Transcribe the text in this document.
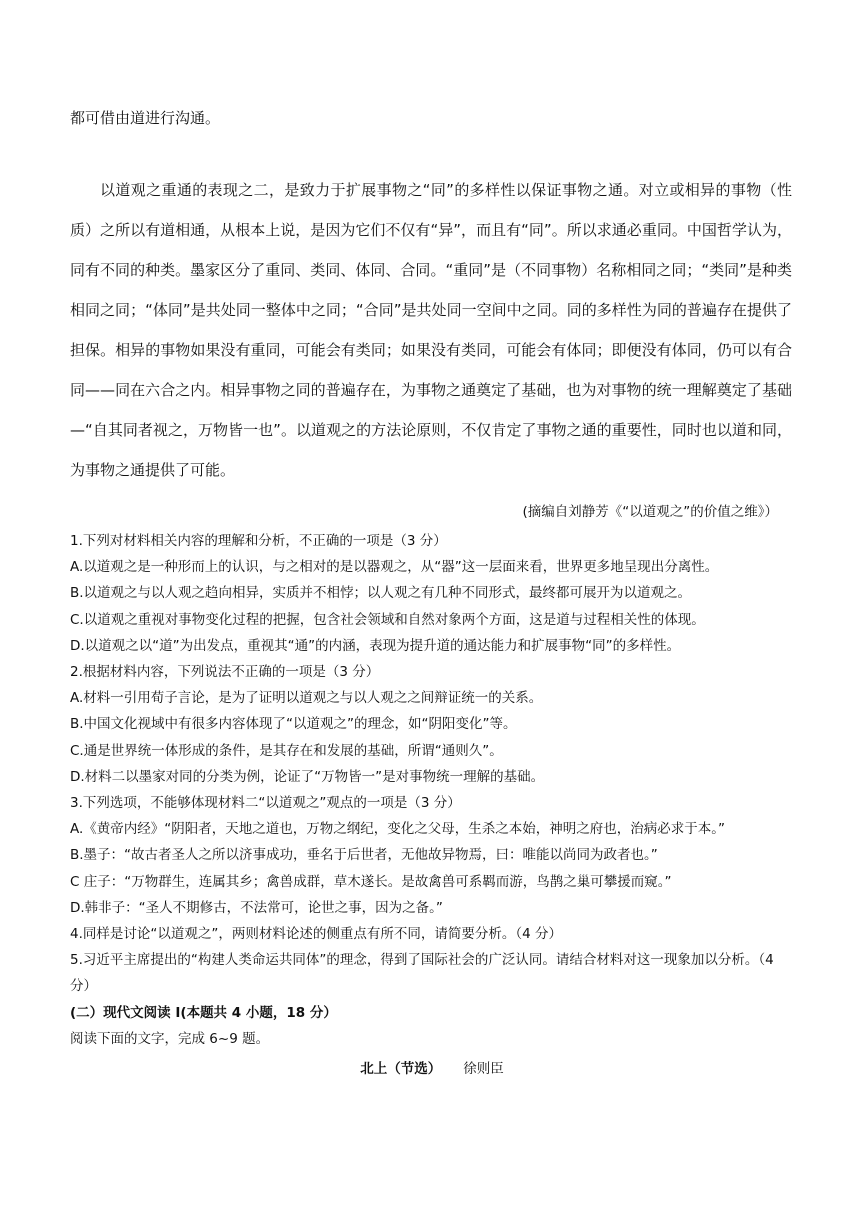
都可借由道进行沟通。

以道观之重通的表现之二，是致力于扩展事物之“同”的多样性以保证事物之通。对立或相异的事物（性质）之所以有道相通，从根本上说，是因为它们不仅有“异”，而且有“同”。所以求通必重同。中国哲学认为，同有不同的种类。墨家区分了重同、类同、体同、合同。“重同”是（不同事物）名称相同之同；“类同”是种类相同之同；“体同”是共处同一整体中之同；“合同”是共处同一空间中之同。同的多样性为同的普遍存在提供了担保。相异的事物如果没有重同，可能会有类同；如果没有类同，可能会有体同；即便没有体同，仍可以有合同——同在六合之内。相异事物之同的普遍存在，为事物之通奠定了基础，也为对事物的统一理解奠定了基础—“自其同者视之，万物皆一也”。以道观之的方法论原则，不仅肯定了事物之通的重要性，同时也以道和同，为事物之通提供了可能。

(摘编自刘静芳《“以道观之”的价值之维》）

1.下列对材料相关内容的理解和分析，不正确的一项是（3 分）
A.以道观之是一种形而上的认识，与之相对的是以器观之，从“器”这一层面来看，世界更多地呈现出分离性。
B.以道观之与以人观之趋向相异，实质并不相悖；以人观之有几种不同形式，最终都可展开为以道观之。
C.以道观之重视对事物变化过程的把握，包含社会领域和自然对象两个方面，这是道与过程相关性的体现。
D.以道观之以“道”为出发点，重视其“通”的内涵，表现为提升道的通达能力和扩展事物“同”的多样性。
2.根据材料内容，下列说法不正确的一项是（3 分）
A.材料一引用荀子言论，是为了证明以道观之与以人观之之间辩证统一的关系。
B.中国文化视域中有很多内容体现了“以道观之”的理念，如“阴阳变化”等。
C.通是世界统一体形成的条件，是其存在和发展的基础，所谓“通则久”。
D.材料二以墨家对同的分类为例，论证了“万物皆一”是对事物统一理解的基础。
3.下列选项，不能够体现材料二“以道观之”观点的一项是（3 分）
A.《黄帝内经》“阴阳者，天地之道也，万物之纲纪，变化之父母，生杀之本始，神明之府也，治病必求于本。”
B.墨子：“故古者圣人之所以济事成功，垂名于后世者，无他故异物焉，曰：唯能以尚同为政者也。”
C 庄子：“万物群生，连属其乡；禽兽成群，草木遂长。是故禽兽可系羁而游，鸟鹊之巢可攀援而窥。”
D.韩非子：“圣人不期修古，不法常可，论世之事，因为之备。”
4.同样是讨论“以道观之”，两则材料论述的侧重点有所不同，请简要分析。（4 分）
5.习近平主席提出的“构建人类命运共同体”的理念，得到了国际社会的广泛认同。请结合材料对这一现象加以分析。（4 分）
(二）现代文阅读 I(本题共 4 小题，18 分）
阅读下面的文字，完成 6~9 题。
北上（节选） 徐则臣
